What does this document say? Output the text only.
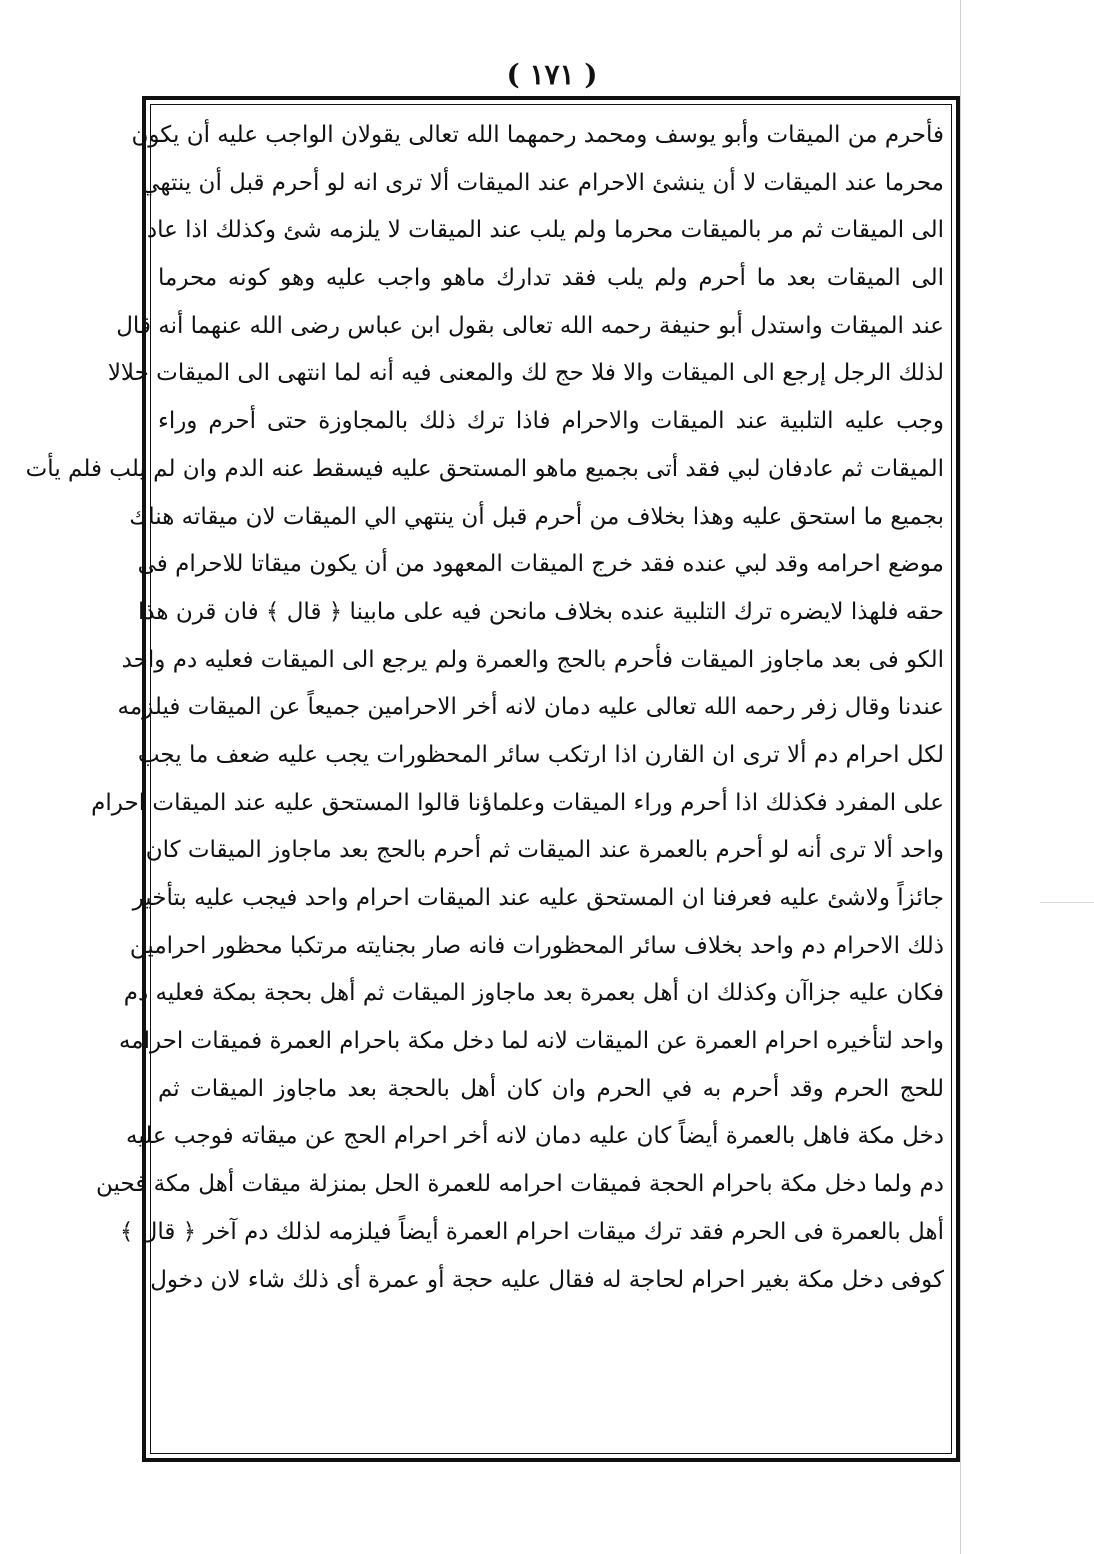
( ١٧١ )
فأحرم من الميقات وأبو يوسف ومحمد رحمهما الله تعالى يقولان الواجب عليه أن يكون
محرما عند الميقات لا أن ينشئ الاحرام عند الميقات ألا ترى انه لو أحرم قبل أن ينتهي
الى الميقات ثم مر بالميقات محرما ولم يلب عند الميقات لا يلزمه شئ وكذلك اذا عاد
الى الميقات بعد ما أحرم ولم يلب فقد تدارك ماهو واجب عليه وهو كونه محرما
عند الميقات واستدل أبو حنيفة رحمه الله تعالى بقول ابن عباس رضى الله عنهما أنه قال
لذلك الرجل إرجع الى الميقات والا فلا حج لك والمعنى فيه أنه لما انتهى الى الميقات حلالا
وجب عليه التلبية عند الميقات والاحرام فاذا ترك ذلك بالمجاوزة حتى أحرم وراء
الميقات ثم عادفان لبي فقد أتى بجميع ماهو المستحق عليه فيسقط عنه الدم وان لم يلب فلم يأت
بجميع ما استحق عليه وهذا بخلاف من أحرم قبل أن ينتهي الي الميقات لان ميقاته هناك
موضع احرامه وقد لبي عنده فقد خرج الميقات المعهود من أن يكون ميقاتا للاحرام فى
حقه فلهذا لايضره ترك التلبية عنده بخلاف مانحن فيه على مابينا ﴿ قال ﴾ فان قرن هذا
الكو فى بعد ماجاوز الميقات فأحرم بالحج والعمرة ولم يرجع الى الميقات فعليه دم واحد
عندنا وقال زفر رحمه الله تعالى عليه دمان لانه أخر الاحرامين جميعاً عن الميقات فيلزمه
لكل احرام دم ألا ترى ان القارن اذا ارتكب سائر المحظورات يجب عليه ضعف ما يجب
على المفرد فكذلك اذا أحرم وراء الميقات وعلماؤنا قالوا المستحق عليه عند الميقات احرام
واحد ألا ترى أنه لو أحرم بالعمرة عند الميقات ثم أحرم بالحج بعد ماجاوز الميقات كان
جائزاً ولاشئ عليه فعرفنا ان المستحق عليه عند الميقات احرام واحد فيجب عليه بتأخير
ذلك الاحرام دم واحد بخلاف سائر المحظورات فانه صار بجنايته مرتكبا محظور احرامين
فكان عليه جزاآن وكذلك ان أهل بعمرة بعد ماجاوز الميقات ثم أهل بحجة بمكة فعليه دم
واحد لتأخيره احرام العمرة عن الميقات لانه لما دخل مكة باحرام العمرة فميقات احرامه
للحج الحرم وقد أحرم به في الحرم وان كان أهل بالحجة بعد ماجاوز الميقات ثم
دخل مكة فاهل بالعمرة أيضاً كان عليه دمان لانه أخر احرام الحج عن ميقاته فوجب عليه
دم ولما دخل مكة باحرام الحجة فميقات احرامه للعمرة الحل بمنزلة ميقات أهل مكة فحين
أهل بالعمرة فى الحرم فقد ترك ميقات احرام العمرة أيضاً فيلزمه لذلك دم آخر ﴿ قال ﴾
كوفى دخل مكة بغير احرام لحاجة له فقال عليه حجة أو عمرة أى ذلك شاء لان دخول
